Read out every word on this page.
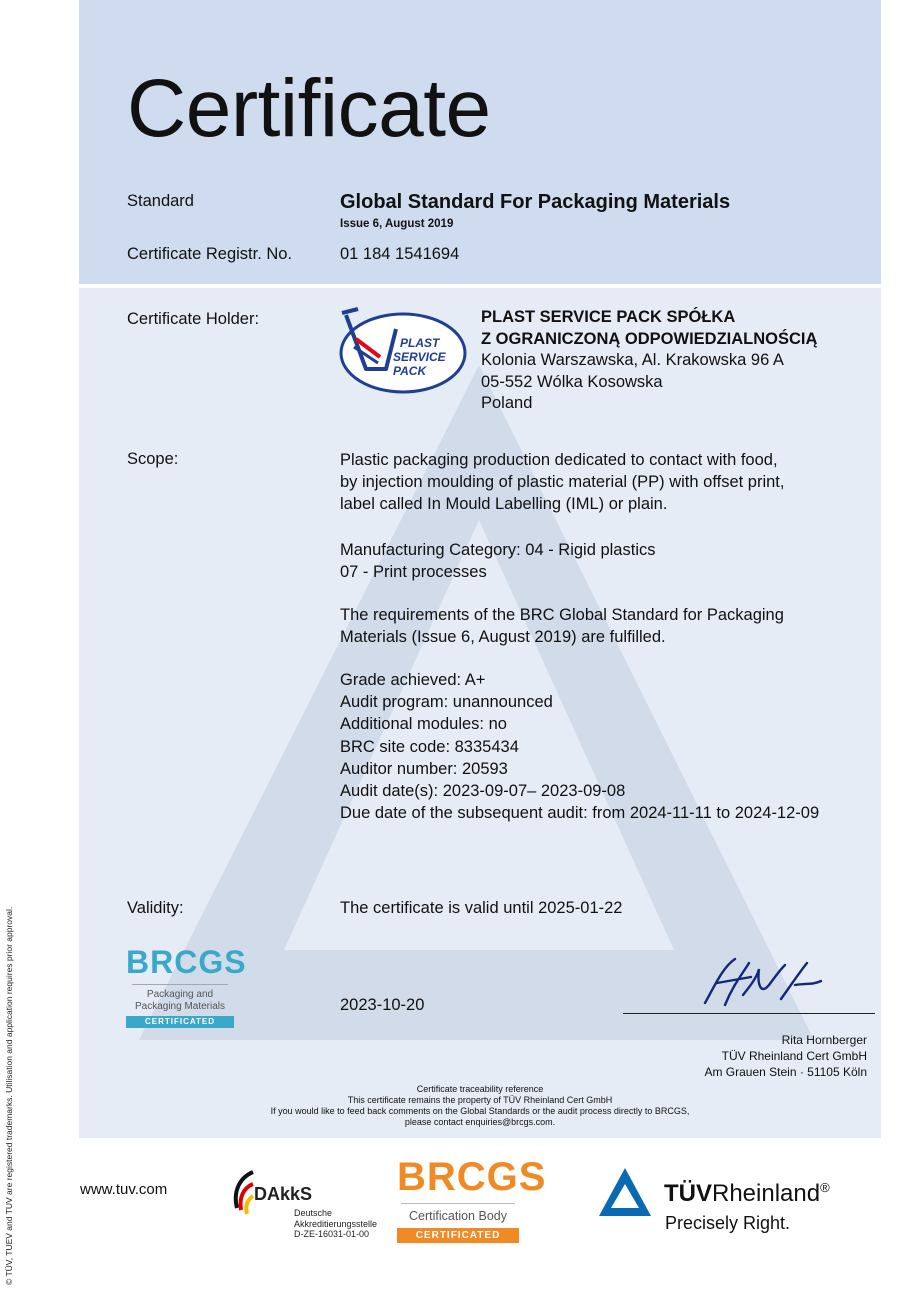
© TÜV, TUEV and TUV are registered trademarks. Utilisation and application requires prior approval.
Certificate
Standard	Global Standard For Packaging Materials
Issue 6, August 2019
Certificate Registr. No.	01 184 1541694
Certificate Holder:
PLAST
SERVICE
PACK
PLAST SERVICE PACK SPÓŁKA
Z OGRANICZONĄ ODPOWIEDZIALNOŚCIĄ
Kolonia Warszawska, Al. Krakowska 96 A
05-552 Wólka Kosowska
Poland
Scope:	Plastic packaging production dedicated to contact with food,
by injection moulding of plastic material (PP) with offset print,
label called In Mould Labelling (IML) or plain.
Manufacturing Category: 04 - Rigid plastics
07 - Print processes
The requirements of the BRC Global Standard for Packaging
Materials (Issue 6, August 2019) are fulfilled.
Grade achieved: A+
Audit program: unannounced
Additional modules: no
BRC site code: 8335434
Auditor number: 20593
Audit date(s): 2023-09-07– 2023-09-08
Due date of the subsequent audit: from 2024-11-11 to 2024-12-09
Validity:	The certificate is valid until 2025-01-22
BRCGS
Packaging and
Packaging Materials
CERTIFICATED
2023-10-20
Rita Hornberger
TÜV Rheinland Cert GmbH
Am Grauen Stein · 51105 Köln
Certificate traceability reference
This certificate remains the property of TÜV Rheinland Cert GmbH
If you would like to feed back comments on the Global Standards or the audit process directly to BRCGS,
please contact enquiries@brcgs.com.
www.tuv.com	DAkkS
Deutsche
Akkreditierungsstelle
D-ZE-16031-01-00
BRCGS
Certification Body
CERTIFICATED
TÜVRheinland®
Precisely Right.
